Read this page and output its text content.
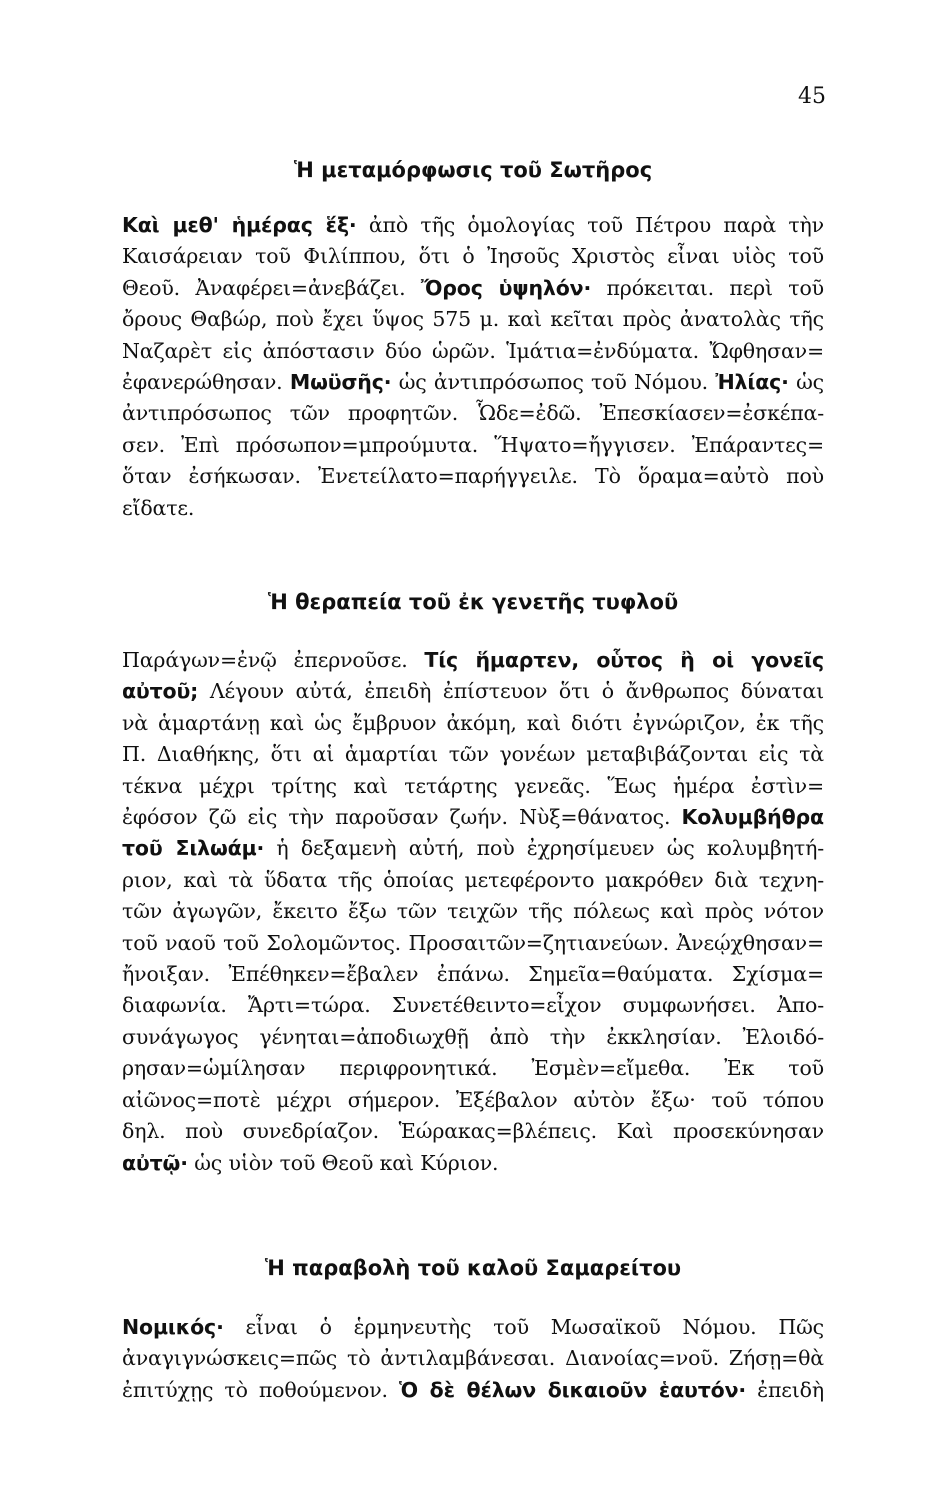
45
Ἡ μεταμόρφωσις τοῦ Σωτῆρος
Καὶ μεθ' ἡμέρας ἕξ· ἀπὸ τῆς ὁμολογίας τοῦ Πέτρου παρὰ τὴν
Καισάρειαν τοῦ Φιλίππου, ὅτι ὁ Ἰησοῦς Χριστὸς εἶναι υἱὸς τοῦ
Θεοῦ. Ἀναφέρει=ἀνεβάζει. Ὄρος ὑψηλόν· πρόκειται. περὶ τοῦ
ὄρους Θαβώρ, ποὺ ἔχει ὕψος 575 μ. καὶ κεῖται πρὸς ἀνατολὰς τῆς
Ναζαρὲτ εἰς ἀπόστασιν δύο ὡρῶν. Ἱμάτια=ἐνδύματα. Ὤφθησαν=
ἐφανερώθησαν. Μωϋσῆς· ὡς ἀντιπρόσωπος τοῦ Νόμου. Ἠλίας· ὡς
ἀντιπρόσωπος τῶν προφητῶν. Ὧδε=ἐδῶ. Ἐπεσκίασεν=ἐσκέπα-
σεν. Ἐπὶ πρόσωπον=μπρούμυτα. Ἥψατο=ἤγγισεν. Ἐπάραντες=
ὅταν ἐσήκωσαν. Ἐνετείλατο=παρήγγειλε. Τὸ ὅραμα=αὐτὸ ποὺ
εἴδατε.
Ἡ θεραπεία τοῦ ἐκ γενετῆς τυφλοῦ
Παράγων=ἐνῷ ἐπερνοῦσε. Τίς ἥμαρτεν, οὗτος ἢ οἱ γονεῖς
αὐτοῦ; Λέγουν αὐτά, ἐπειδὴ ἐπίστευον ὅτι ὁ ἄνθρωπος δύναται
νὰ ἁμαρτάνῃ καὶ ὡς ἔμβρυον ἀκόμη, καὶ διότι ἐγνώριζον, ἐκ τῆς
Π. Διαθήκης, ὅτι αἱ ἁμαρτίαι τῶν γονέων μεταβιβάζονται εἰς τὰ
τέκνα μέχρι τρίτης καὶ τετάρτης γενεᾶς. Ἕως ἡμέρα ἐστὶν=
ἐφόσον ζῶ εἰς τὴν παροῦσαν ζωήν. Νὺξ=θάνατος. Κολυμβήθρα
τοῦ Σιλωάμ· ἡ δεξαμενὴ αὐτή, ποὺ ἐχρησίμευεν ὡς κολυμβητή-
ριον, καὶ τὰ ὕδατα τῆς ὁποίας μετεφέροντο μακρόθεν διὰ τεχνη-
τῶν ἀγωγῶν, ἔκειτο ἔξω τῶν τειχῶν τῆς πόλεως καὶ πρὸς νότον
τοῦ ναοῦ τοῦ Σολομῶντος. Προσαιτῶν=ζητιανεύων. Ἀνεῴχθησαν=
ἤνοιξαν. Ἐπέθηκεν=ἔβαλεν ἐπάνω. Σημεῖα=θαύματα. Σχίσμα=
διαφωνία. Ἄρτι=τώρα. Συνετέθειντο=εἶχον συμφωνήσει. Ἀπο-
συνάγωγος γένηται=ἀποδιωχθῇ ἀπὸ τὴν ἐκκλησίαν. Ἐλοιδό-
ρησαν=ὡμίλησαν περιφρονητικά. Ἐσμὲν=εἴμεθα. Ἐκ τοῦ
αἰῶνος=ποτὲ μέχρι σήμερον. Ἐξέβαλον αὐτὸν ἔξω· τοῦ τόπου
δηλ. ποὺ συνεδρίαζον. Ἑώρακας=βλέπεις. Καὶ προσεκύνησαν
αὐτῷ· ὡς υἱὸν τοῦ Θεοῦ καὶ Κύριον.
Ἡ παραβολὴ τοῦ καλοῦ Σαμαρείτου
Νομικός· εἶναι ὁ ἑρμηνευτὴς τοῦ Μωσαϊκοῦ Νόμου. Πῶς
ἀναγιγνώσκεις=πῶς τὸ ἀντιλαμβάνεσαι. Διανοίας=νοῦ. Ζήσῃ=θὰ
ἐπιτύχῃς τὸ ποθούμενον. Ὁ δὲ θέλων δικαιοῦν ἑαυτόν· ἐπειδὴ
